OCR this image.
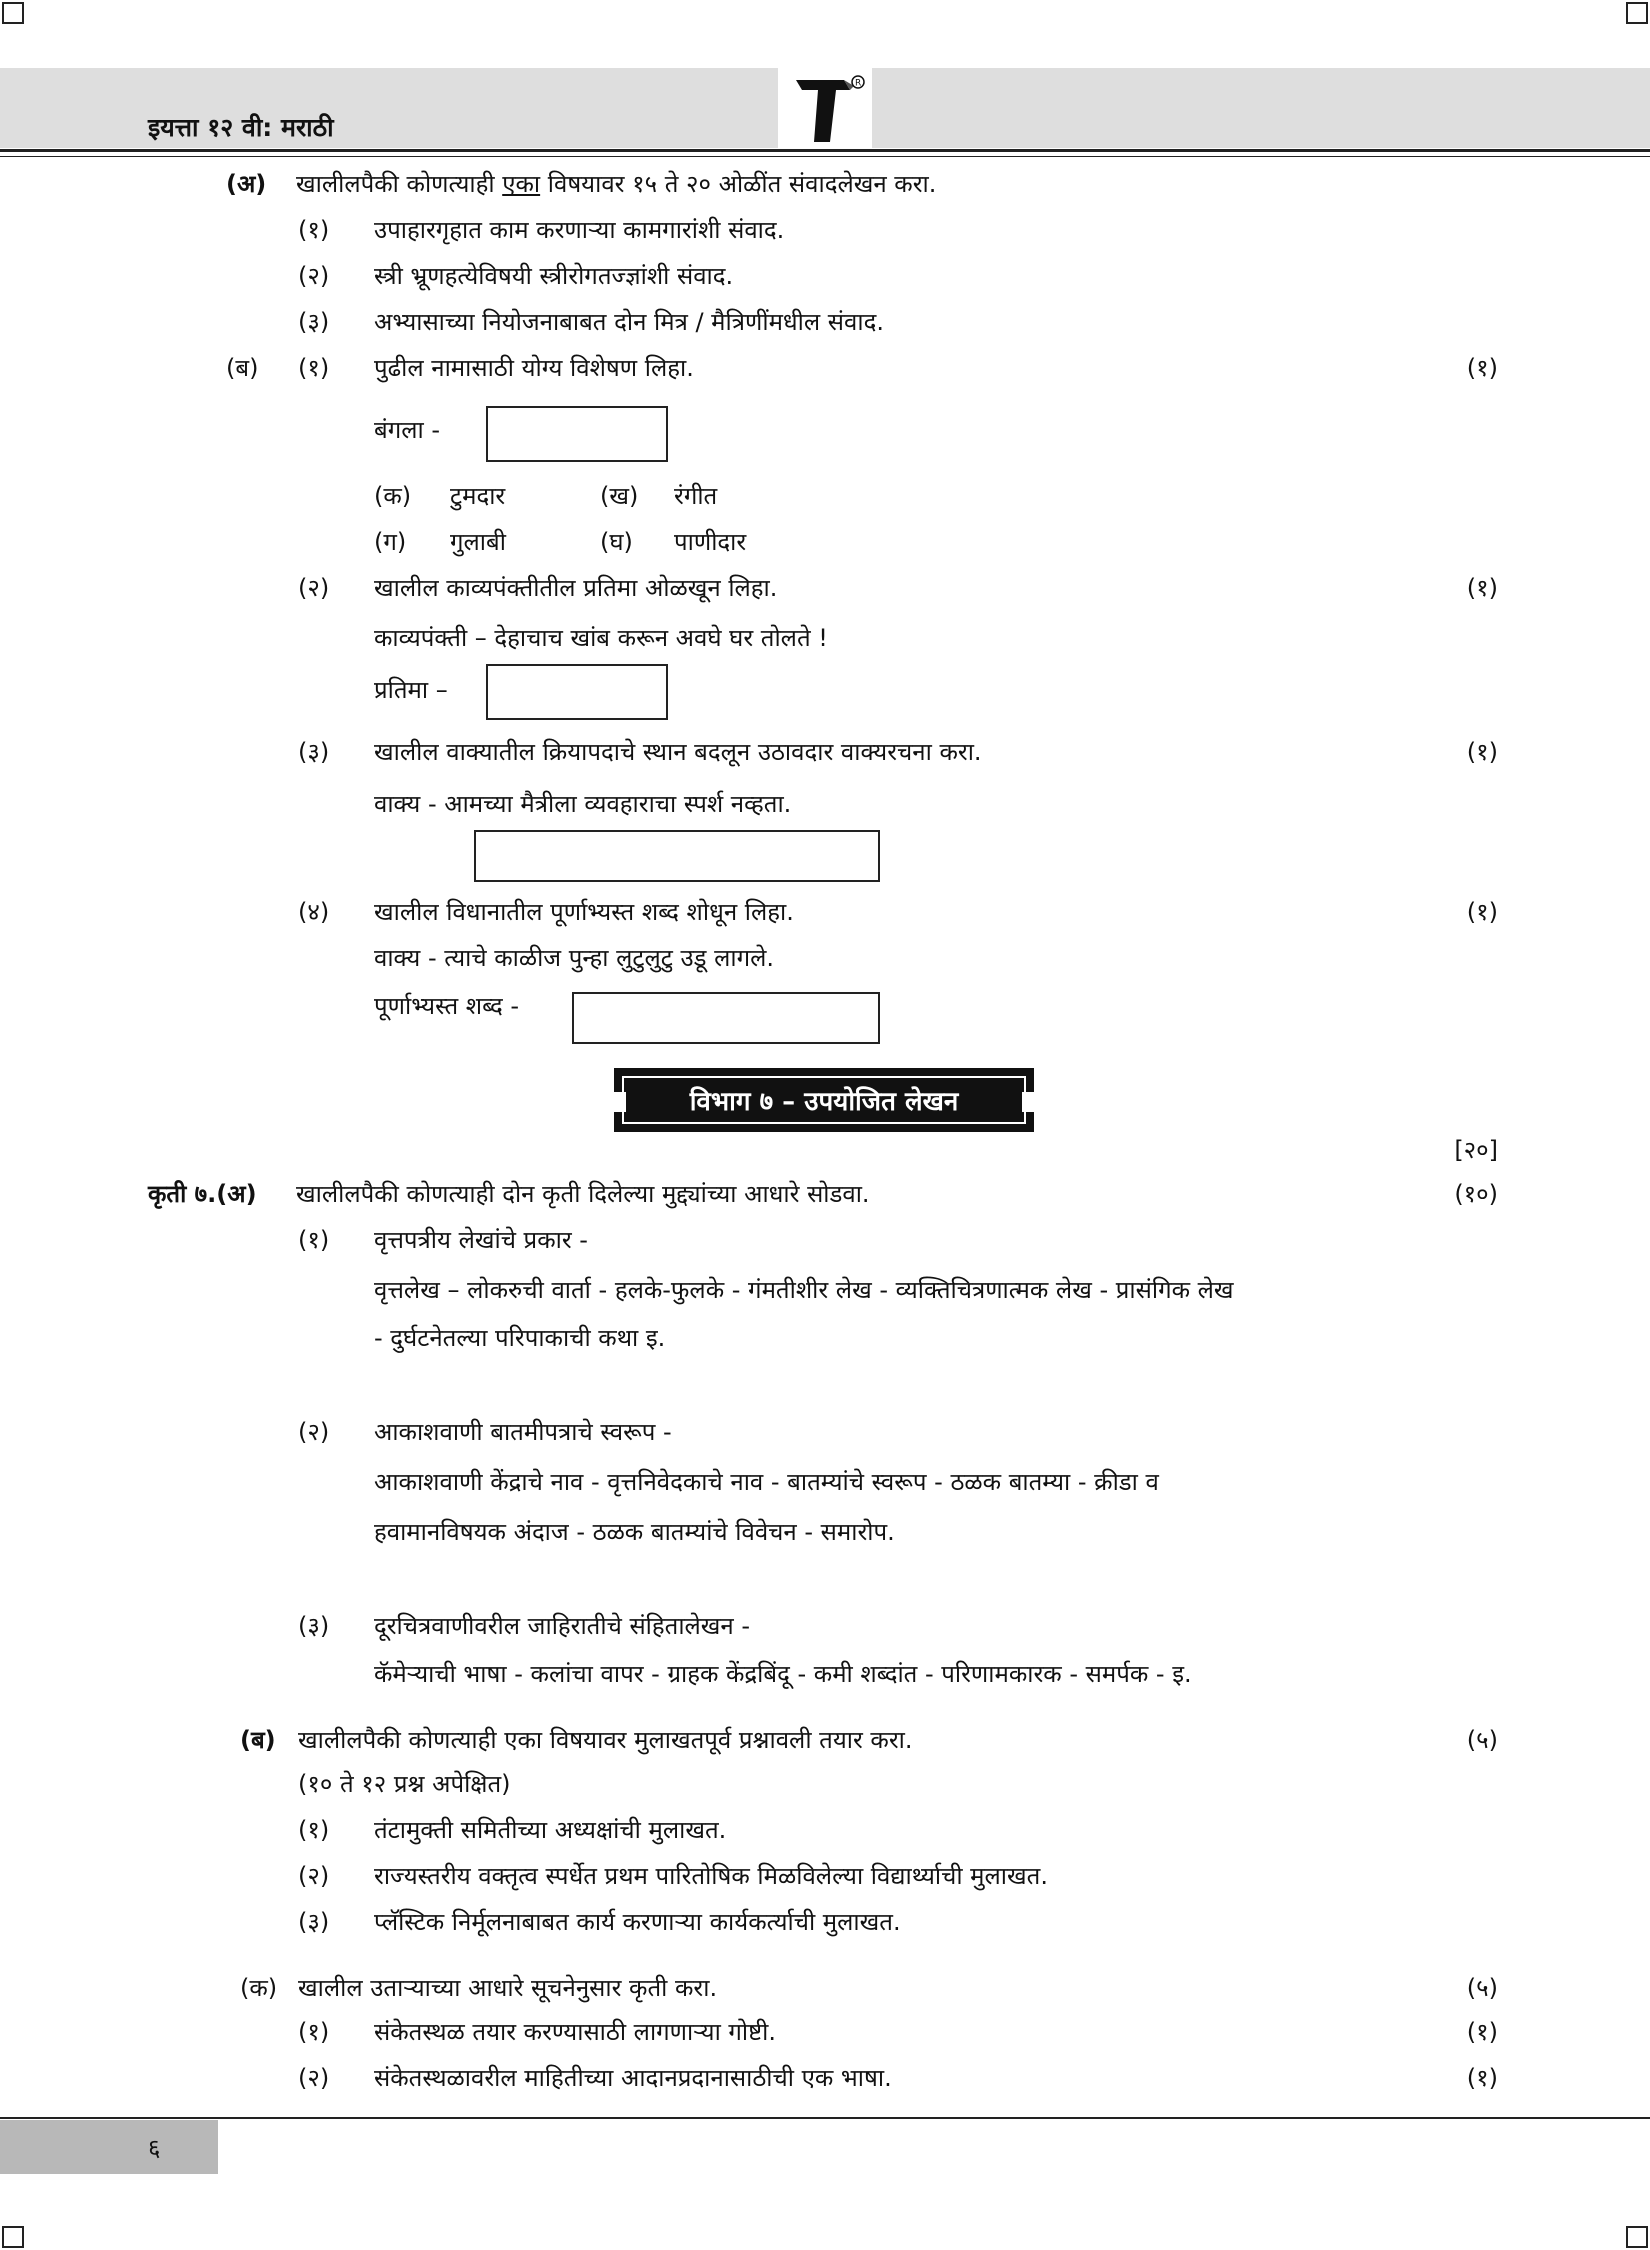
इयत्ता १२ वी: मराठी
R
(अ) खालीलपैकी कोणत्याही एका विषयावर १५ ते २० ओळींत संवादलेखन करा.
(१) उपाहारगृहात काम करणाऱ्या कामगारांशी संवाद.
(२) स्त्री भ्रूणहत्येविषयी स्त्रीरोगतज्ज्ञांशी संवाद.
(३) अभ्यासाच्या नियोजनाबाबत दोन मित्र / मैत्रिणींमधील संवाद.
(ब) (१) पुढील नामासाठी योग्य विशेषण लिहा.	(१)
बंगला -
(क) टुमदार	(ख) रंगीत
(ग) गुलाबी	(घ) पाणीदार
(२) खालील काव्यपंक्तीतील प्रतिमा ओळखून लिहा.	(१)
काव्यपंक्ती – देहाचाच खांब करून अवघे घर तोलते !
प्रतिमा –
(३) खालील वाक्यातील क्रियापदाचे स्थान बदलून उठावदार वाक्यरचना करा.	(१)
वाक्य - आमच्या मैत्रीला व्यवहाराचा स्पर्श नव्हता.
(४) खालील विधानातील पूर्णाभ्यस्त शब्द शोधून लिहा.	(१)
वाक्य - त्याचे काळीज पुन्हा लुटुलुटु उडू लागले.
पूर्णाभ्यस्त शब्द -
विभाग ७ – उपयोजित लेखन
[२०]
कृती ७.(अ) खालीलपैकी कोणत्याही दोन कृती दिलेल्या मुद्द्यांच्या आधारे सोडवा.	(१०)
(१) वृत्तपत्रीय लेखांचे प्रकार -
वृत्तलेख – लोकरुची वार्ता - हलके-फुलके - गंमतीशीर लेख - व्यक्तिचित्रणात्मक लेख - प्रासंगिक लेख
- दुर्घटनेतल्या परिपाकाची कथा इ.
(२) आकाशवाणी बातमीपत्राचे स्वरूप -
आकाशवाणी केंद्राचे नाव - वृत्तनिवेदकाचे नाव - बातम्यांचे स्वरूप - ठळक बातम्या - क्रीडा व
हवामानविषयक अंदाज - ठळक बातम्यांचे विवेचन - समारोप.
(३) दूरचित्रवाणीवरील जाहिरातीचे संहितालेखन -
कॅमेऱ्याची भाषा - कलांचा वापर - ग्राहक केंद्रबिंदू - कमी शब्दांत - परिणामकारक - समर्पक - इ.
(ब) खालीलपैकी कोणत्याही एका विषयावर मुलाखतपूर्व प्रश्नावली तयार करा.	(५)
(१० ते १२ प्रश्न अपेक्षित)
(१) तंटामुक्ती समितीच्या अध्यक्षांची मुलाखत.
(२) राज्यस्तरीय वक्तृत्व स्पर्धेत प्रथम पारितोषिक मिळविलेल्या विद्यार्थ्याची मुलाखत.
(३) प्लॅस्टिक निर्मूलनाबाबत कार्य करणाऱ्या कार्यकर्त्याची मुलाखत.
(क) खालील उताऱ्याच्या आधारे सूचनेनुसार कृती करा.	(५)
(१) संकेतस्थळ तयार करण्यासाठी लागणाऱ्या गोष्टी.	(१)
(२) संकेतस्थळावरील माहितीच्या आदानप्रदानासाठीची एक भाषा.	(१)
६
